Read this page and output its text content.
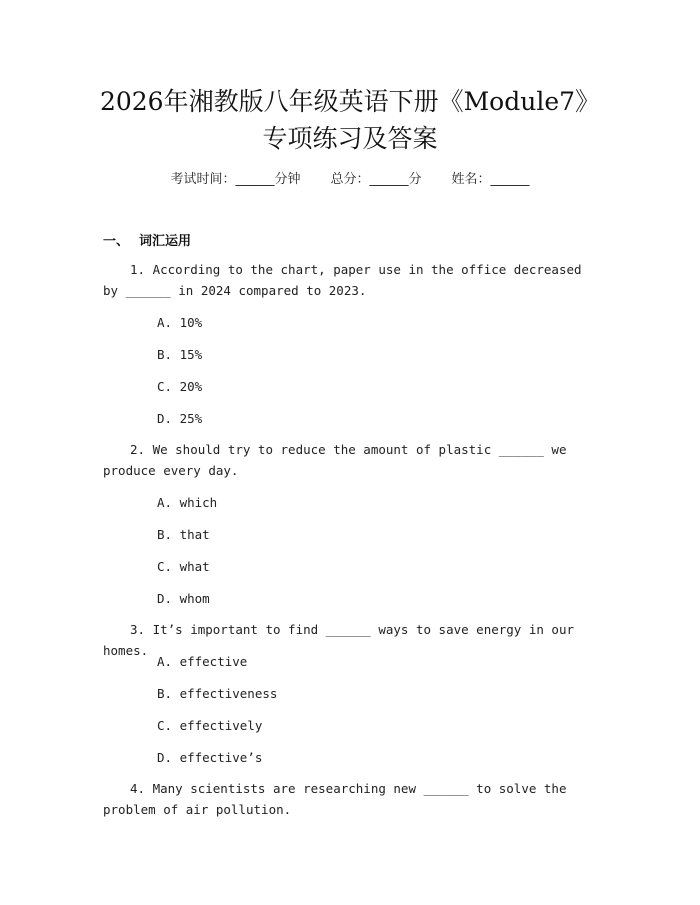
2026年湘教版八年级英语下册《Module7》
专项练习及答案
考试时间：______分钟 总分：______分 姓名：______
一、 词汇运用
1. According to the chart, paper use in the office decreased by ______ in 2024 compared to 2023.
A. 10%
B. 15%
C. 20%
D. 25%
2. We should try to reduce the amount of plastic ______ we produce every day.
A. which
B. that
C. what
D. whom
3. It’s important to find ______ ways to save energy in our homes.
A. effective
B. effectiveness
C. effectively
D. effective’s
4. Many scientists are researching new ______ to solve the problem of air pollution.
